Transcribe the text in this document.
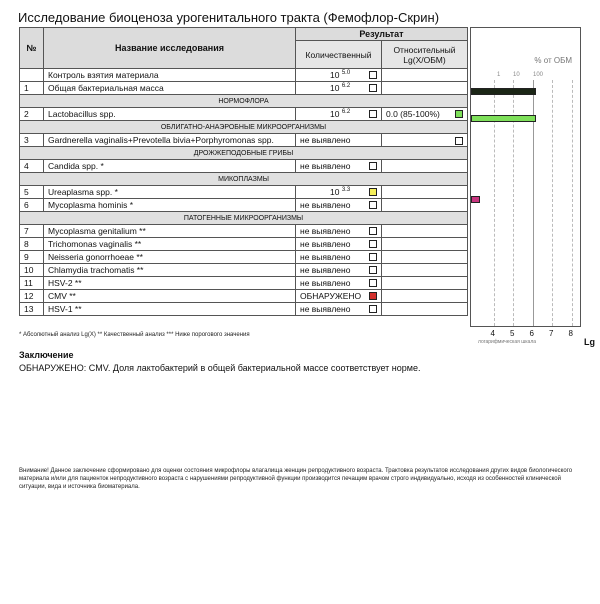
Исследование биоценоза урогенитального тракта (Фемофлор-Скрин)
№	Название исследования	Результат	
		Количественный	Относительный Lg(X/ОБМ)
	Контроль взятия материала	10 $^{5.0}$

1	Общая бактериальная масса	10 $^{6.2}$

НОРМОФЛОРА			
2	Lactobacillus spp.	10 $^{6.2}$	0.0 (85-100%)

ОБЛИГАТНО-АНАЭРОБНЫЕ МИКРООРГАНИЗМЫ			
3	Gardnerella vaginalis+Prevotella bivia+Porphyromonas spp.	не выявлено	

ДРОЖЖЕПОДОБНЫЕ ГРИБЫ			
4	Candida spp. *	не выявлено

МИКОПЛАЗМЫ			
5	Ureaplasma spp. *	10 $^{3.3}$

6	Mycoplasma hominis *	не выявлено

ПАТОГЕННЫЕ МИКРООРГАНИЗМЫ			
7	Mycoplasma genitalium **	не выявлено

8	Trichomonas vaginalis **	не выявлено

9	Neisseria gonorrhoeae **	не выявлено

10	Chlamydia trachomatis **	не выявлено

11	HSV-2 **	не выявлено

12	CMV **	ОБНАРУЖЕНО

13	HSV-1 **	не выявлено

% от ОБМ
1 10 100
4 5 6 7 8
логарифмическая шкала	Lg
* Абсолютный анализ Lg(X) ** Качественный анализ *** Ниже порогового значения
Заключение
ОБНАРУЖЕНО: CMV. Доля лактобактерий в общей бактериальной массе соответствует норме.
Внимание! Данное заключение сформировано для оценки состояния микрофлоры влагалища женщин репродуктивного возраста. Трактовка результатов исследования других видов биологического материала и/или для пациенток непродуктивного возраста с нарушениями репродуктивной функции производится печащим врачом строго индивидуально, исходя из особенностей клинической ситуации, вида и источника биоматериала.
